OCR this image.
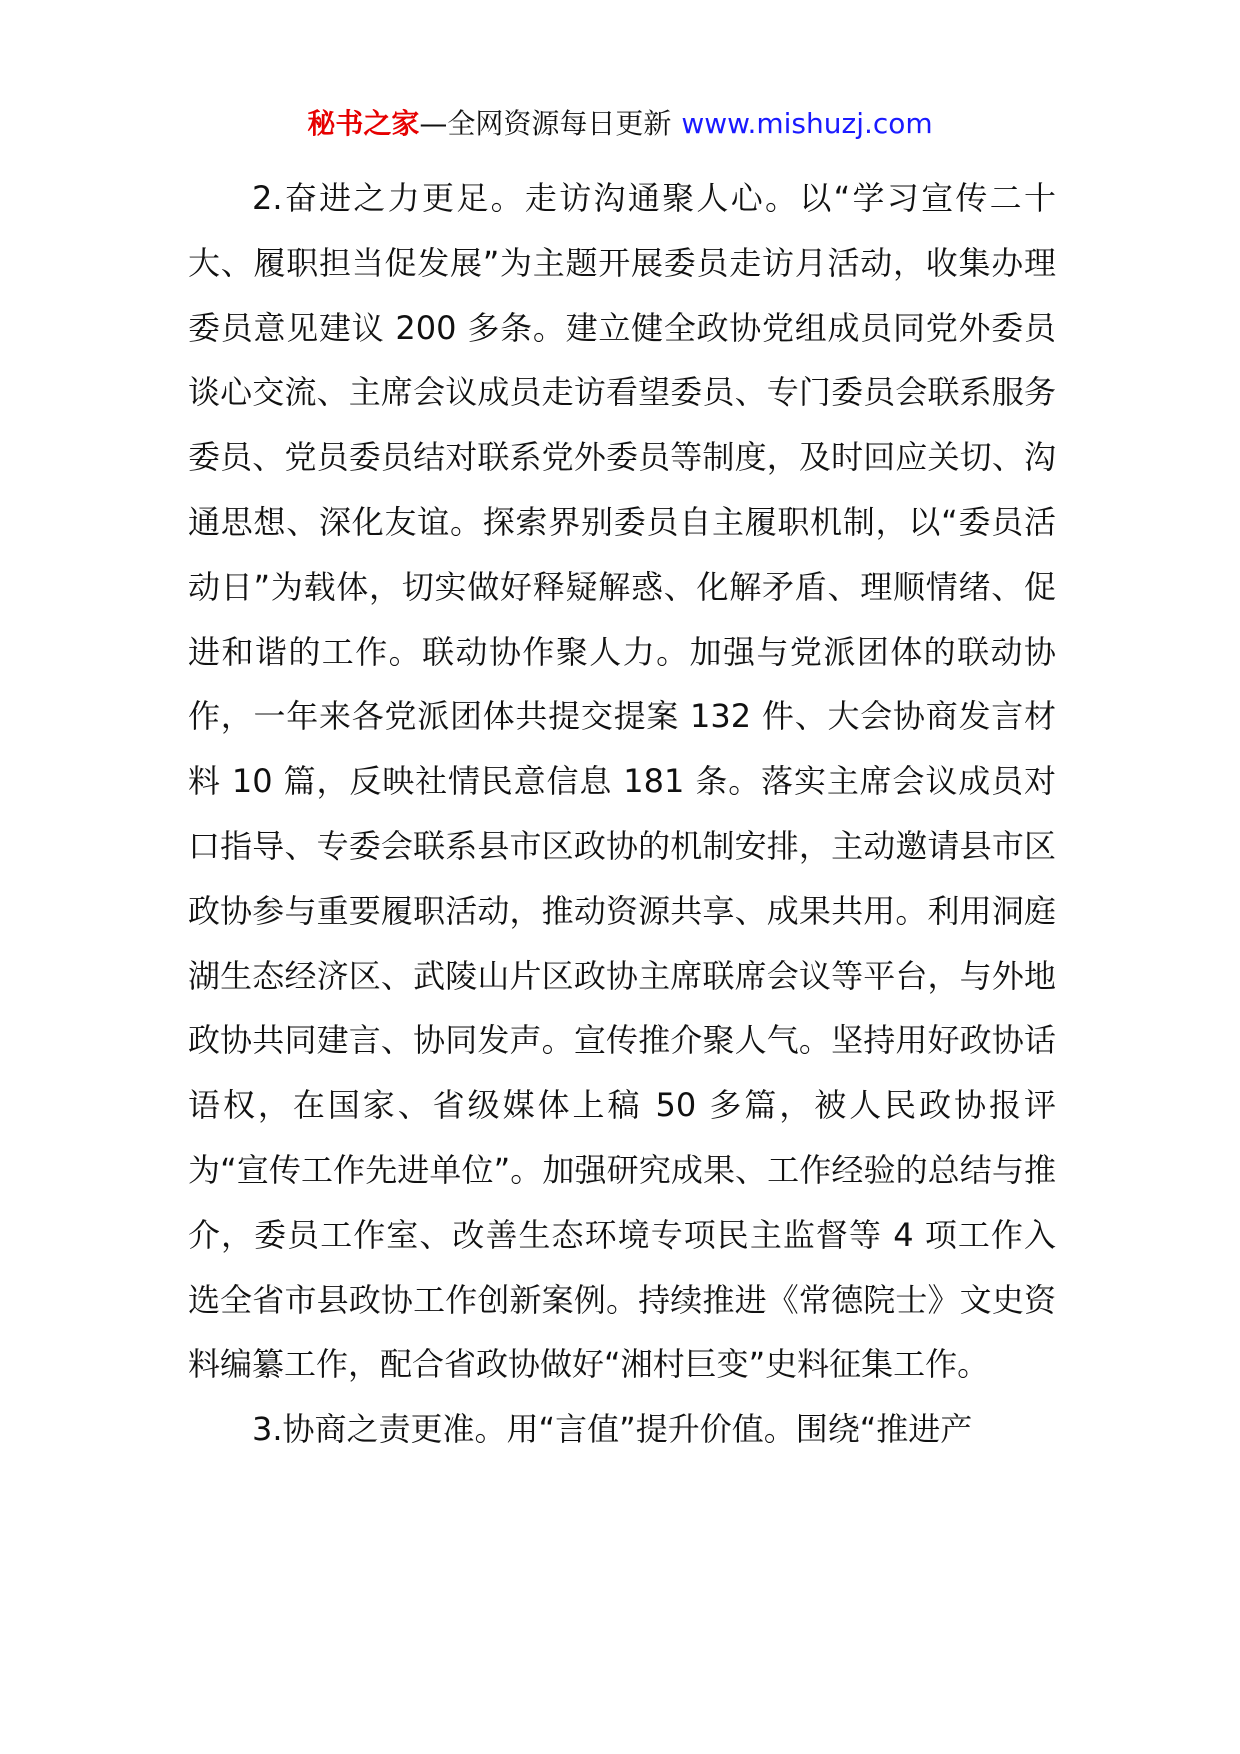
秘书之家—全网资源每日更新 www.mishuzj.com

2.奋进之力更足。走访沟通聚人心。以“学习宣传二十大、履职担当促发展”为主题开展委员走访月活动，收集办理委员意见建议 200 多条。建立健全政协党组成员同党外委员谈心交流、主席会议成员走访看望委员、专门委员会联系服务委员、党员委员结对联系党外委员等制度，及时回应关切、沟通思想、深化友谊。探索界别委员自主履职机制，以“委员活动日”为载体，切实做好释疑解惑、化解矛盾、理顺情绪、促进和谐的工作。联动协作聚人力。加强与党派团体的联动协作，一年来各党派团体共提交提案 132 件、大会协商发言材料 10 篇，反映社情民意信息 181 条。落实主席会议成员对口指导、专委会联系县市区政协的机制安排，主动邀请县市区政协参与重要履职活动，推动资源共享、成果共用。利用洞庭湖生态经济区、武陵山片区政协主席联席会议等平台，与外地政协共同建言、协同发声。宣传推介聚人气。坚持用好政协话语权，在国家、省级媒体上稿 50 多篇，被人民政协报评为“宣传工作先进单位”。加强研究成果、工作经验的总结与推介，委员工作室、改善生态环境专项民主监督等 4 项工作入选全省市县政协工作创新案例。持续推进《常德院士》文史资料编纂工作，配合省政协做好“湘村巨变”史料征集工作。

3.协商之责更准。用“言值”提升价值。围绕“推进产
